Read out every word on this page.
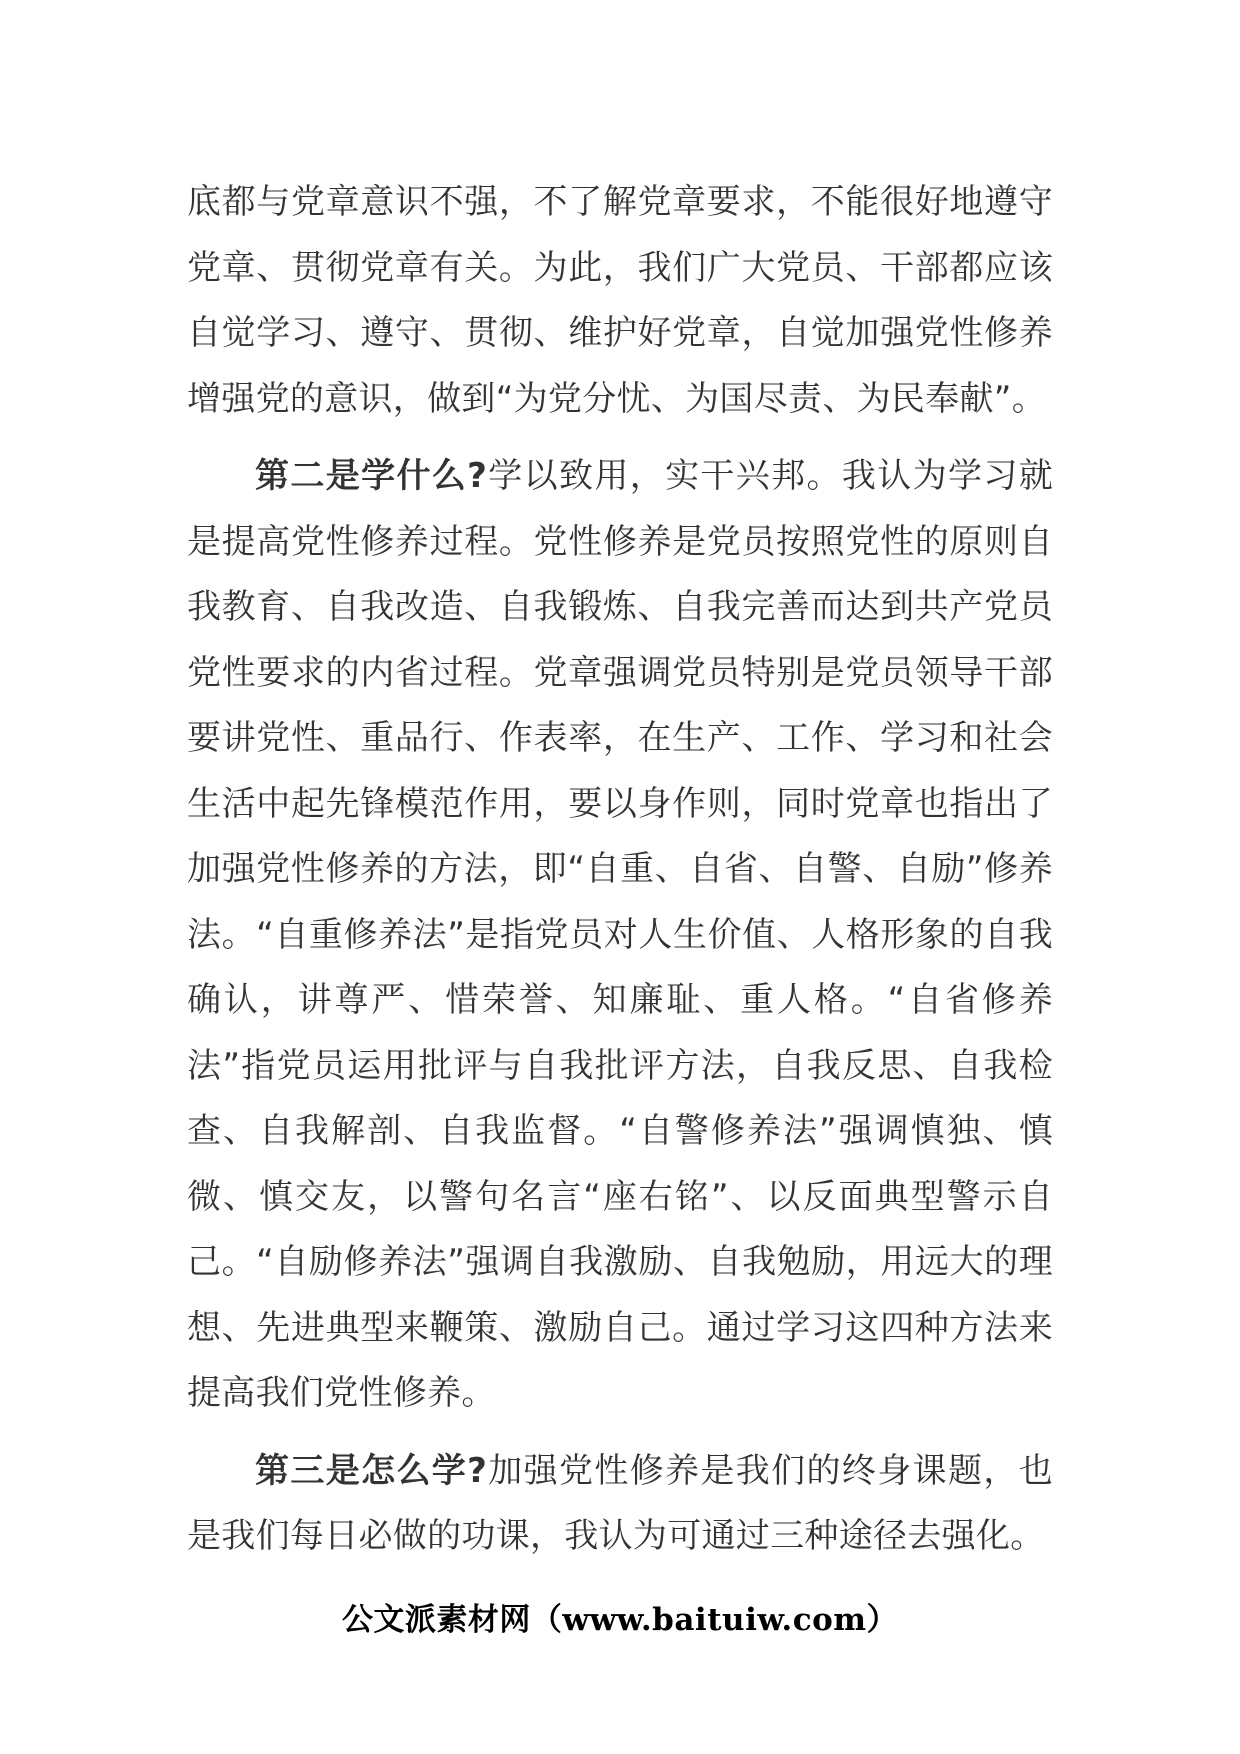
底都与党章意识不强，不了解党章要求，不能很好地遵守党章、贯彻党章有关。为此，我们广大党员、干部都应该自觉学习、遵守、贯彻、维护好党章，自觉加强党性修养增强党的意识，做到“为党分忧、为国尽责、为民奉献”。

第二是学什么?学以致用，实干兴邦。我认为学习就是提高党性修养过程。党性修养是党员按照党性的原则自我教育、自我改造、自我锻炼、自我完善而达到共产党员党性要求的内省过程。党章强调党员特别是党员领导干部要讲党性、重品行、作表率，在生产、工作、学习和社会生活中起先锋模范作用，要以身作则，同时党章也指出了加强党性修养的方法，即“自重、自省、自警、自励”修养法。“自重修养法”是指党员对人生价值、人格形象的自我确认，讲尊严、惜荣誉、知廉耻、重人格。“自省修养法”指党员运用批评与自我批评方法，自我反思、自我检查、自我解剖、自我监督。“自警修养法”强调慎独、慎微、慎交友，以警句名言“座右铭”、以反面典型警示自己。“自励修养法”强调自我激励、自我勉励，用远大的理想、先进典型来鞭策、激励自己。通过学习这四种方法来提高我们党性修养。

第三是怎么学?加强党性修养是我们的终身课题，也是我们每日必做的功课，我认为可通过三种途径去强化。

公文派素材网（www.baituiw.com）
